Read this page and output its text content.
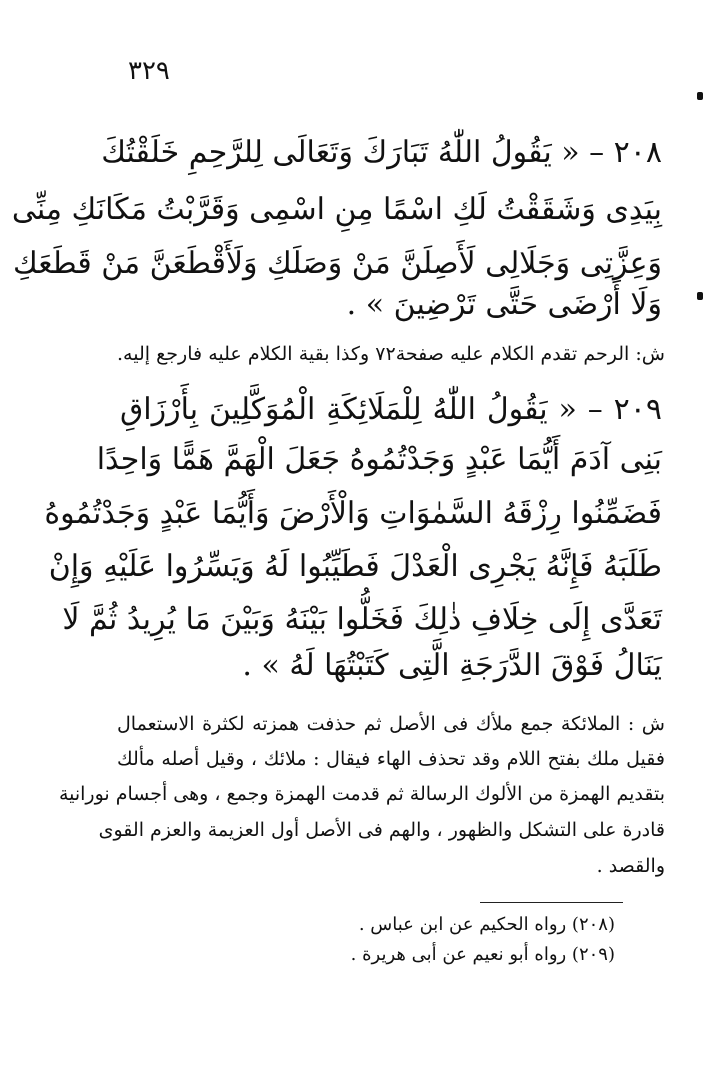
٣٢٩
٢٠٨ – « يَقُولُ اللّٰهُ تَبَارَكَ وَتَعَالَى لِلرَّحِمِ خَلَقْتُكَ
بِيَدِى وَشَقَقْتُ لَكِ اسْمًا مِنِ اسْمِى وَقَرَّبْتُ مَكَانَكِ مِنِّى
وَعِزَّتِى وَجَلَالِى لَأَصِلَنَّ مَنْ وَصَلَكِ وَلَأَقْطَعَنَّ مَنْ قَطَعَكِ
وَلَا أَرْضَى حَتَّى تَرْضِينَ » .
ش: الرحم تقدم الكلام عليه صفحة٧٢ وكذا بقية الكلام عليه فارجع إليه.
٢٠٩ – « يَقُولُ اللّٰهُ لِلْمَلَائِكَةِ الْمُوَكَّلِينَ بِأَرْزَاقِ
بَنِى آدَمَ أَيُّمَا عَبْدٍ وَجَدْتُمُوهُ جَعَلَ الْهَمَّ هَمًّا وَاحِدًا
فَضَمِّنُوا رِزْقَهُ السَّمٰوَاتِ وَالْأَرْضَ وَأَيُّمَا عَبْدٍ وَجَدْتُمُوهُ
طَلَبَهُ فَإِنَّهُ يَجْرِى الْعَدْلَ فَطَيِّبُوا لَهُ وَيَسِّرُوا عَلَيْهِ وَإِنْ
تَعَدَّى إِلَى خِلَافِ ذٰلِكَ فَخَلُّوا بَيْنَهُ وَبَيْنَ مَا يُرِيدُ ثُمَّ لَا
يَنَالُ فَوْقَ الدَّرَجَةِ الَّتِى كَتَبْتُهَا لَهُ » .
ش : الملائكة جمع ملأك فى الأصل ثم حذفت همزته لكثرة الاستعمال
فقيل ملك بفتح اللام وقد تحذف الهاء فيقال : ملائك ، وقيل أصله مألك
بتقديم الهمزة من الألوك الرسالة ثم قدمت الهمزة وجمع ، وهى أجسام نورانية
قادرة على التشكل والظهور ، والهم فى الأصل أول العزيمة والعزم القوى
والقصد .
(٢٠٨) رواه الحكيم عن ابن عباس .
(٢٠٩) رواه أبو نعيم عن أبى هريرة .
